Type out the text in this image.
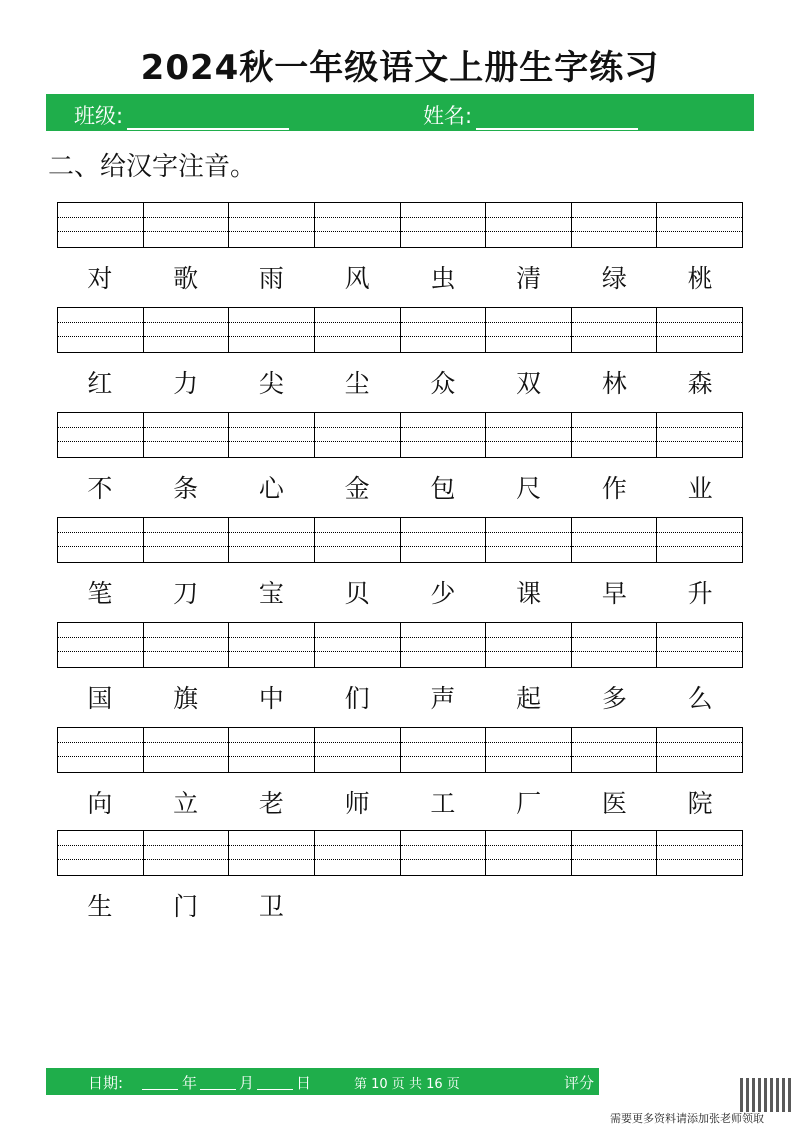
2024秋一年级语文上册生字练习
班级:	姓名:
二、给汉字注音。
对	歌	雨	风	虫	清	绿	桃
红	力	尖	尘	众	双	林	森
不	条	心	金	包	尺	作	业
笔	刀	宝	贝	少	课	早	升
国	旗	中	们	声	起	多	么
向	立	老	师	工	厂	医	院
生	门	卫
日期:	年	月	日	第 10 页 共 16 页	评分
需要更多资料请添加张老师领取
